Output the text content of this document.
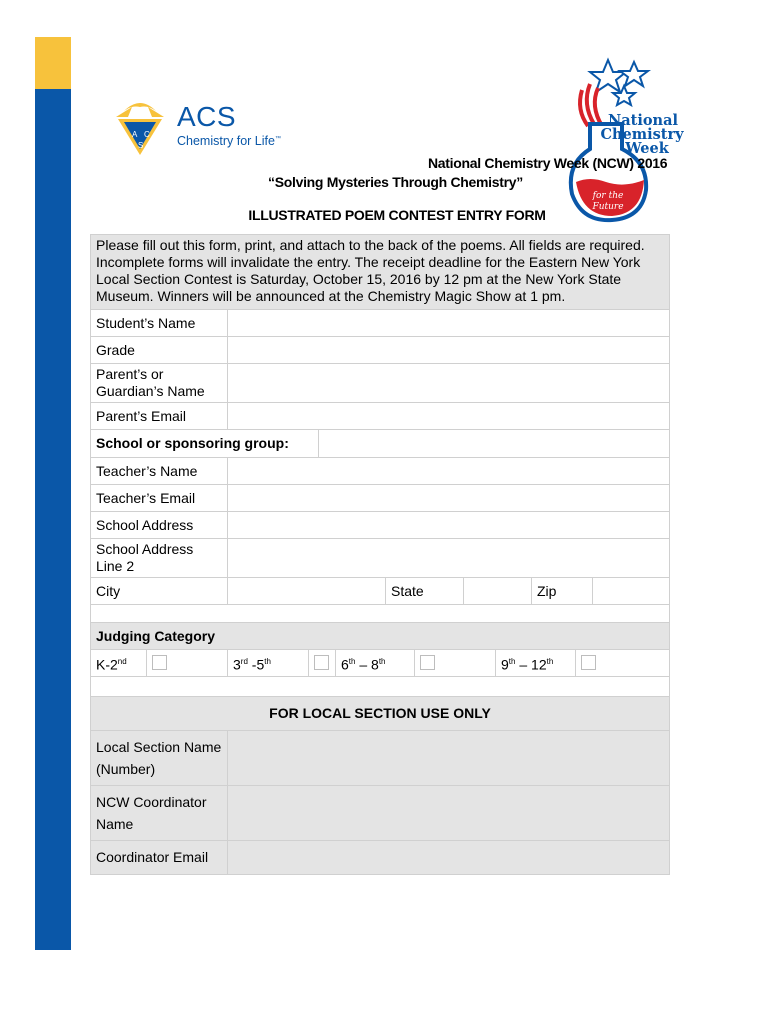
A C
S
ACS
Chemistry for Life™
for the
Future
National
Chemistry
Week
National Chemistry Week (NCW) 2016
“Solving Mysteries Through Chemistry”
ILLUSTRATED POEM CONTEST ENTRY FORM
Please fill out this form, print, and attach to the back of the poems. All fields are required. Incomplete forms will invalidate the entry. The receipt deadline for the Eastern New York Local Section Contest is Saturday, October 15, 2016 by 12 pm at the New York State Museum. Winners will be announced at the Chemistry Magic Show at 1 pm.
Student’s Name
Grade
Parent’s or Guardian’s Name
Parent’s Email
School or sponsoring group:
Teacher’s Name
Teacher’s Email
School Address
School Address Line 2
City	State	Zip
Judging Category
K-2nd	3rd -5th	6th – 8th	9th – 12th
FOR LOCAL SECTION USE ONLY
Local Section Name (Number)
NCW Coordinator Name
Coordinator Email
